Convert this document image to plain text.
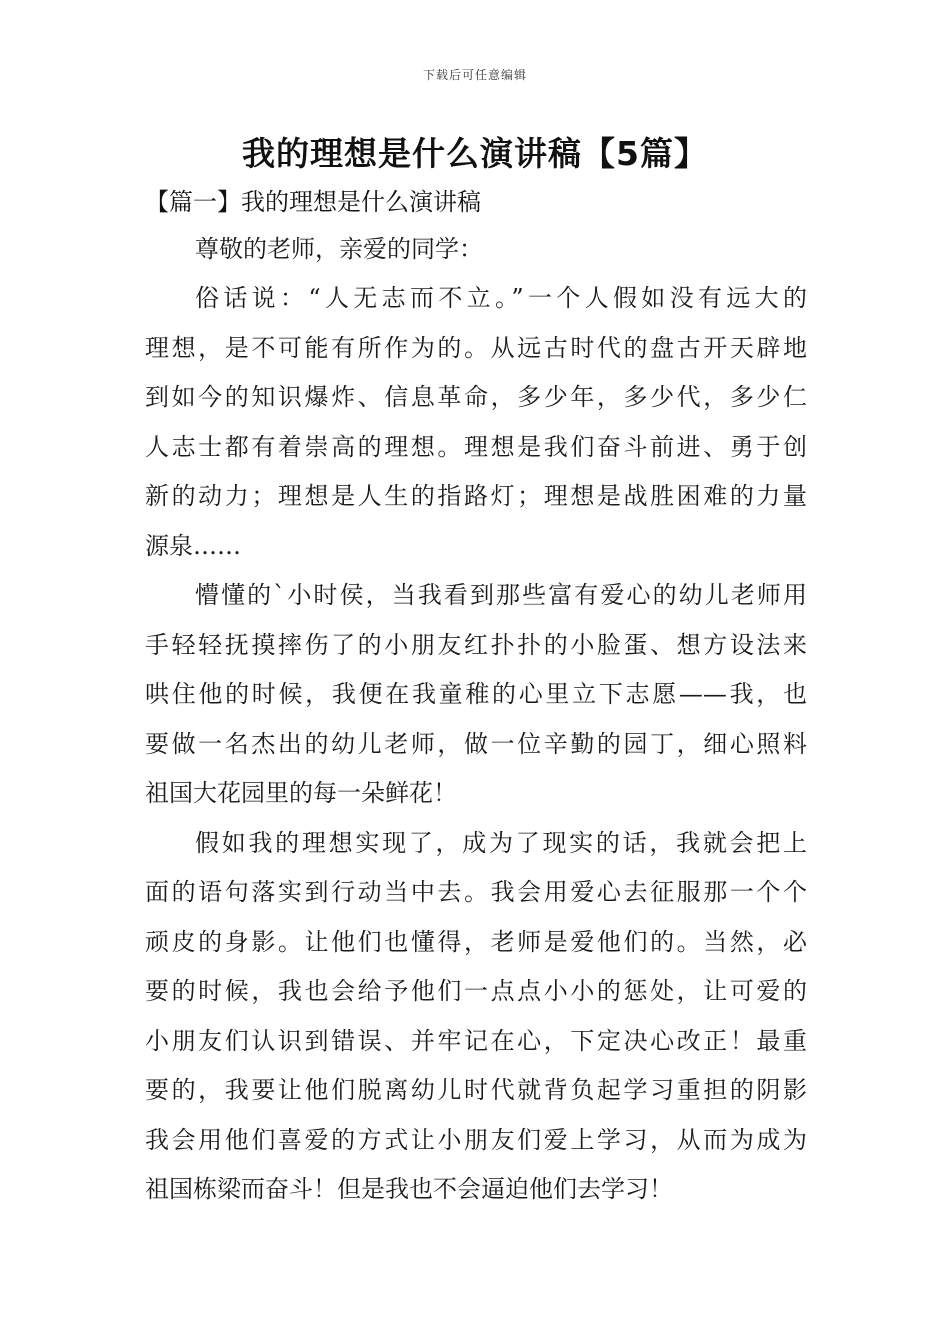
下载后可任意编辑
我的理想是什么演讲稿【5篇】
【篇一】我的理想是什么演讲稿
尊敬的老师，亲爱的同学：
俗话说：“人无志而不立。”一个人假如没有远大的
理想，是不可能有所作为的。从远古时代的盘古开天辟地
到如今的知识爆炸、信息革命，多少年，多少代，多少仁
人志士都有着崇高的理想。理想是我们奋斗前进、勇于创
新的动力；理想是人生的指路灯；理想是战胜困难的力量
源泉……
懵懂的`小时侯，当我看到那些富有爱心的幼儿老师用
手轻轻抚摸摔伤了的小朋友红扑扑的小脸蛋、想方设法来
哄住他的时候，我便在我童稚的心里立下志愿——我，也
要做一名杰出的幼儿老师，做一位辛勤的园丁，细心照料
祖国大花园里的每一朵鲜花！
假如我的理想实现了，成为了现实的话，我就会把上
面的语句落实到行动当中去。我会用爱心去征服那一个个
顽皮的身影。让他们也懂得，老师是爱他们的。当然，必
要的时候，我也会给予他们一点点小小的惩处，让可爱的
小朋友们认识到错误、并牢记在心，下定决心改正！最重
要的，我要让他们脱离幼儿时代就背负起学习重担的阴影
我会用他们喜爱的方式让小朋友们爱上学习，从而为成为
祖国栋梁而奋斗！但是我也不会逼迫他们去学习！
